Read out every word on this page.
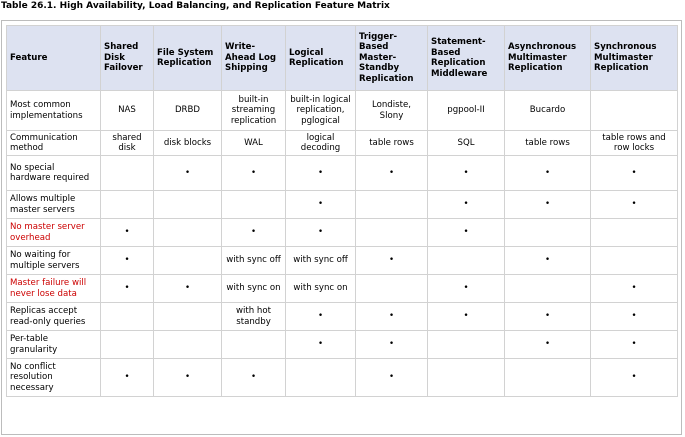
Table 26.1. High Availability, Load Balancing, and Replication Feature Matrix
Feature	Shared Disk Failover	File System Replication	Write-Ahead Log Shipping	Logical Replication	Trigger-Based Master-Standby Replication	Statement-Based Replication Middleware	Asynchronous Multimaster Replication	Synchronous Multimaster Replication
Most common implementations	NAS	DRBD	built-in streaming replication	built-in logical replication, pglogical	Londiste, Slony	pgpool-II	Bucardo	
Communication method	shared disk	disk blocks	WAL	logical decoding	table rows	SQL	table rows	table rows and row locks
No special hardware required		•	•	•	•	•	•	•
Allows multiple master servers				•		•	•	•
No master server overhead	•		•	•		•		
No waiting for multiple servers	•		with sync off	with sync off	•		•	
Master failure will never lose data	•	•	with sync on	with sync on		•		•
Replicas accept read-only queries			with hot standby	•	•	•	•	•
Per-table granularity				•	•		•	•
No conflict resolution necessary	•	•	•		•			•
